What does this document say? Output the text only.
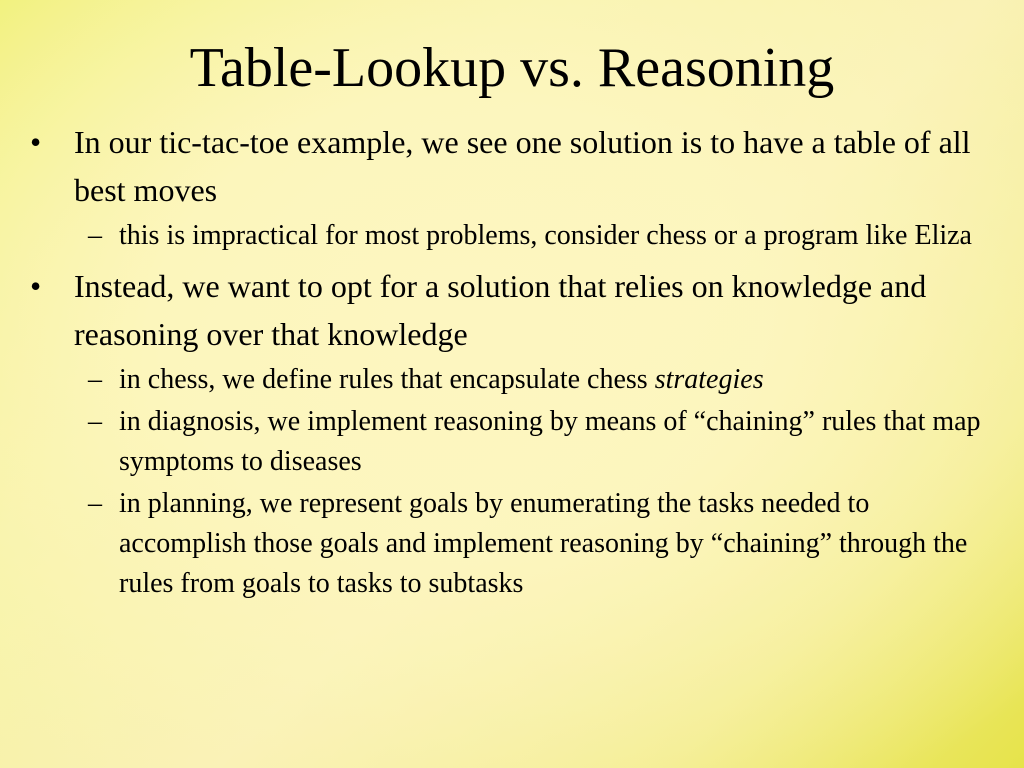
Table-Lookup vs. Reasoning
•	In our tic-tac-toe example, we see one solution is to have a table of all best moves
– this is impractical for most problems, consider chess or a program like Eliza
•	Instead, we want to opt for a solution that relies on knowledge and reasoning over that knowledge
– in chess, we define rules that encapsulate chess strategies
– in diagnosis, we implement reasoning by means of “chaining” rules that map symptoms to diseases
– in planning, we represent goals by enumerating the tasks needed to accomplish those goals and implement reasoning by “chaining” through the rules from goals to tasks to subtasks
